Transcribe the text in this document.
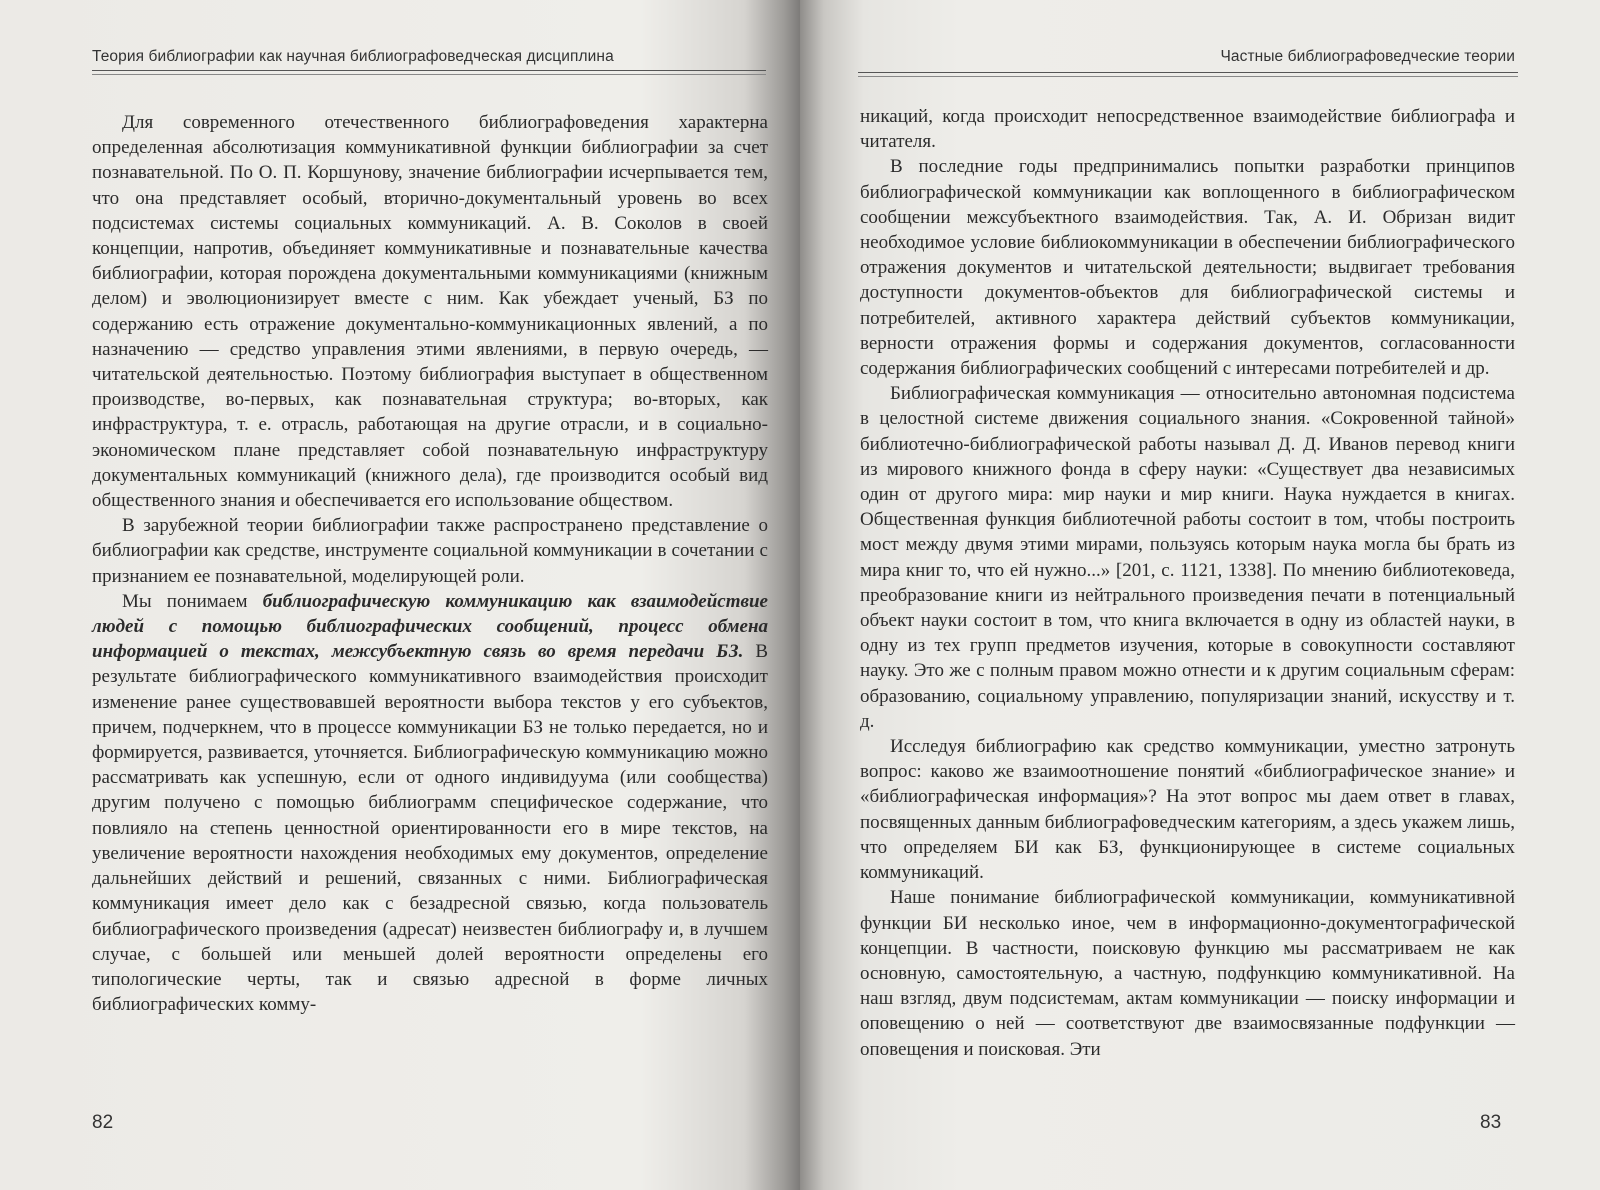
Теория библиографии как научная библиографоведческая дисциплина

Для современного отечественного библиографоведения характерна определенная абсолютизация коммуникативной функции библиографии за счет познавательной. По О. П. Коршунову, значение библиографии исчерпывается тем, что она представляет особый, вторично-документальный уровень во всех подсистемах системы социальных коммуникаций. А. В. Соколов в своей концепции, напротив, объединяет коммуникативные и познавательные качества библиографии, которая порождена документальными коммуникациями (книжным делом) и эволюционизирует вместе с ним. Как убеждает ученый, БЗ по содержанию есть отражение документально-коммуникационных явлений, а по назначению — средство управления этими явлениями, в первую очередь, — читательской деятельностью. Поэтому библиография выступает в общественном производстве, во-первых, как познавательная структура; во-вторых, как инфраструктура, т. е. отрасль, работающая на другие отрасли, и в социально-экономическом плане представляет собой познавательную инфраструктуру документальных коммуникаций (книжного дела), где производится особый вид общественного знания и обеспечивается его использование обществом.

В зарубежной теории библиографии также распространено представление о библиографии как средстве, инструменте социальной коммуникации в сочетании с признанием ее познавательной, моделирующей роли.

Мы понимаем библиографическую коммуникацию как взаимодействие людей с помощью библиографических сообщений, процесс обмена информацией о текстах, межсубъектную связь во время передачи БЗ. В результате библиографического коммуникативного взаимодействия происходит изменение ранее существовавшей вероятности выбора текстов у его субъектов, причем, подчеркнем, что в процессе коммуникации БЗ не только передается, но и формируется, развивается, уточняется. Библиографическую коммуникацию можно рассматривать как успешную, если от одного индивидуума (или сообщества) другим получено с помощью библиограмм специфическое содержание, что повлияло на степень ценностной ориентированности его в мире текстов, на увеличение вероятности нахождения необходимых ему документов, определение дальнейших действий и решений, связанных с ними. Библиографическая коммуникация имеет дело как с безадресной связью, когда пользователь библиографического произведения (адресат) неизвестен библиографу и, в лучшем случае, с большей или меньшей долей вероятности определены его типологические черты, так и связью адресной в форме личных библиографических комму-

82
Частные библиографоведческие теории

никаций, когда происходит непосредственное взаимодействие библиографа и читателя.

В последние годы предпринимались попытки разработки принципов библиографической коммуникации как воплощенного в библиографическом сообщении межсубъектного взаимодействия. Так, А. И. Обризан видит необходимое условие библиокоммуникации в обеспечении библиографического отражения документов и читательской деятельности; выдвигает требования доступности документов-объектов для библиографической системы и потребителей, активного характера действий субъектов коммуникации, верности отражения формы и содержания документов, согласованности содержания библиографических сообщений с интересами потребителей и др.

Библиографическая коммуникация — относительно автономная подсистема в целостной системе движения социального знания. «Сокровенной тайной» библиотечно-библиографической работы называл Д. Д. Иванов перевод книги из мирового книжного фонда в сферу науки: «Существует два независимых один от другого мира: мир науки и мир книги. Наука нуждается в книгах. Общественная функция библиотечной работы состоит в том, чтобы построить мост между двумя этими мирами, пользуясь которым наука могла бы брать из мира книг то, что ей нужно...» [201, с. 1121, 1338]. По мнению библиотековеда, преобразование книги из нейтрального произведения печати в потенциальный объект науки состоит в том, что книга включается в одну из областей науки, в одну из тех групп предметов изучения, которые в совокупности составляют науку. Это же с полным правом можно отнести и к другим социальным сферам: образованию, социальному управлению, популяризации знаний, искусству и т. д.

Исследуя библиографию как средство коммуникации, уместно затронуть вопрос: каково же взаимоотношение понятий «библиографическое знание» и «библиографическая информация»? На этот вопрос мы даем ответ в главах, посвященных данным библиографоведческим категориям, а здесь укажем лишь, что определяем БИ как БЗ, функционирующее в системе социальных коммуникаций.

Наше понимание библиографической коммуникации, коммуникативной функции БИ несколько иное, чем в информационно-документографической концепции. В частности, поисковую функцию мы рассматриваем не как основную, самостоятельную, а частную, подфункцию коммуникативной. На наш взгляд, двум подсистемам, актам коммуникации — поиску информации и оповещению о ней — соответствуют две взаимосвязанные подфункции — оповещения и поисковая. Эти

83
